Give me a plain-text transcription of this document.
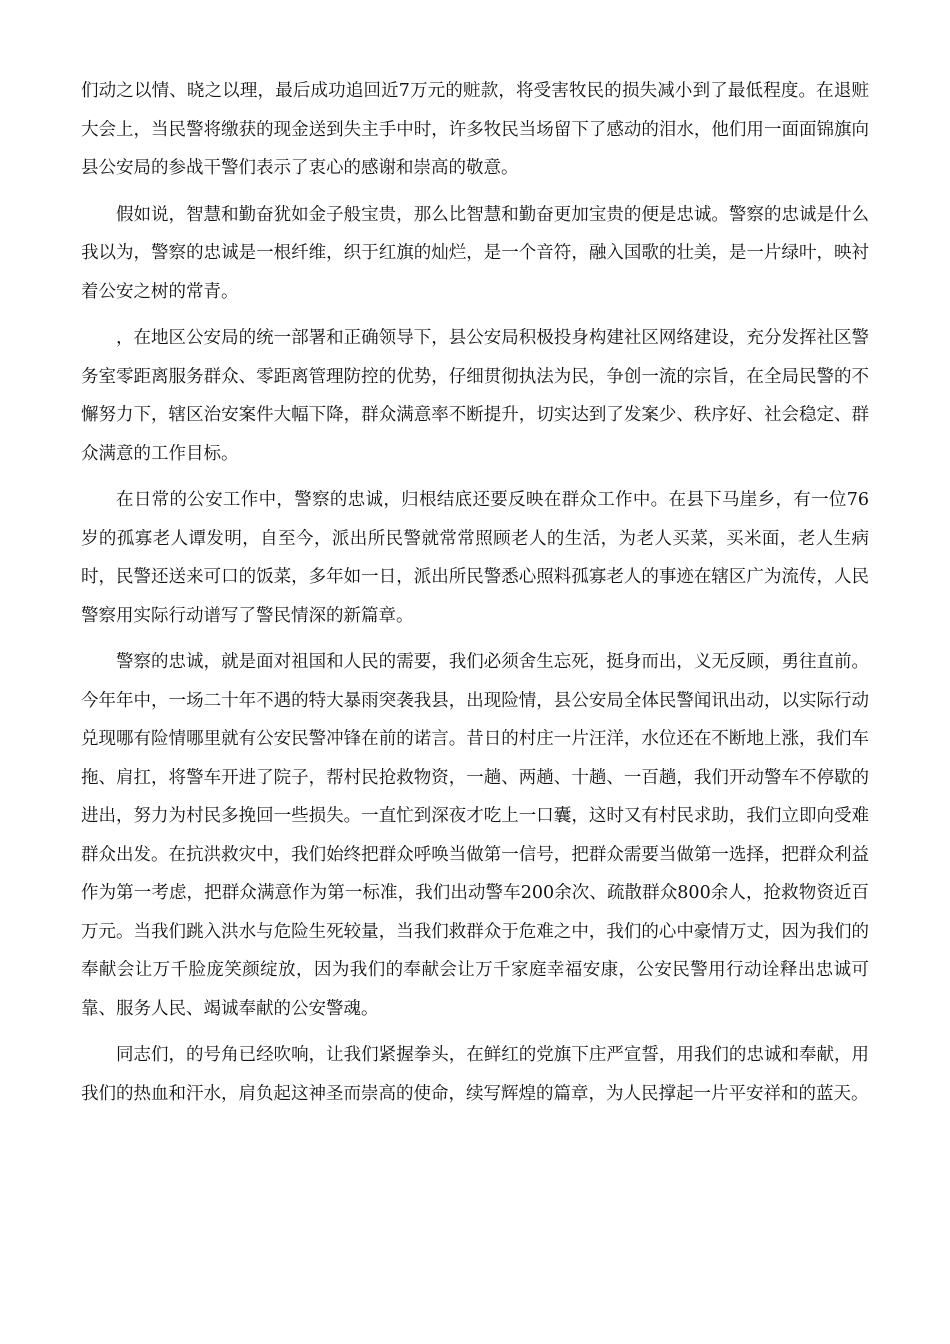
们动之以情、晓之以理，最后成功追回近7万元的赃款，将受害牧民的损失减小到了最低程度。在退赃大会上，当民警将缴获的现金送到失主手中时，许多牧民当场留下了感动的泪水，他们用一面面锦旗向县公安局的参战干警们表示了衷心的感谢和崇高的敬意。

假如说，智慧和勤奋犹如金子般宝贵，那么比智慧和勤奋更加宝贵的便是忠诚。警察的忠诚是什么我以为，警察的忠诚是一根纤维，织于红旗的灿烂，是一个音符，融入国歌的壮美，是一片绿叶，映衬着公安之树的常青。

，在地区公安局的统一部署和正确领导下，县公安局积极投身构建社区网络建设，充分发挥社区警务室零距离服务群众、零距离管理防控的优势，仔细贯彻执法为民，争创一流的宗旨，在全局民警的不懈努力下，辖区治安案件大幅下降，群众满意率不断提升，切实达到了发案少、秩序好、社会稳定、群众满意的工作目标。

在日常的公安工作中，警察的忠诚，归根结底还要反映在群众工作中。在县下马崖乡，有一位76岁的孤寡老人谭发明，自至今，派出所民警就常常照顾老人的生活，为老人买菜，买米面，老人生病时，民警还送来可口的饭菜，多年如一日，派出所民警悉心照料孤寡老人的事迹在辖区广为流传，人民警察用实际行动谱写了警民情深的新篇章。

警察的忠诚，就是面对祖国和人民的需要，我们必须舍生忘死，挺身而出，义无反顾，勇往直前。今年年中，一场二十年不遇的特大暴雨突袭我县，出现险情，县公安局全体民警闻讯出动，以实际行动兑现哪有险情哪里就有公安民警冲锋在前的诺言。昔日的村庄一片汪洋，水位还在不断地上涨，我们车拖、肩扛，将警车开进了院子，帮村民抢救物资，一趟、两趟、十趟、一百趟，我们开动警车不停歇的进出，努力为村民多挽回一些损失。一直忙到深夜才吃上一口囊，这时又有村民求助，我们立即向受难群众出发。在抗洪救灾中，我们始终把群众呼唤当做第一信号，把群众需要当做第一选择，把群众利益作为第一考虑，把群众满意作为第一标准，我们出动警车200余次、疏散群众800余人，抢救物资近百万元。当我们跳入洪水与危险生死较量，当我们救群众于危难之中，我们的心中豪情万丈，因为我们的奉献会让万千脸庞笑颜绽放，因为我们的奉献会让万千家庭幸福安康，公安民警用行动诠释出忠诚可靠、服务人民、竭诚奉献的公安警魂。

同志们，的号角已经吹响，让我们紧握拳头，在鲜红的党旗下庄严宣誓，用我们的忠诚和奉献，用我们的热血和汗水，肩负起这神圣而崇高的使命，续写辉煌的篇章，为人民撑起一片平安祥和的蓝天。
